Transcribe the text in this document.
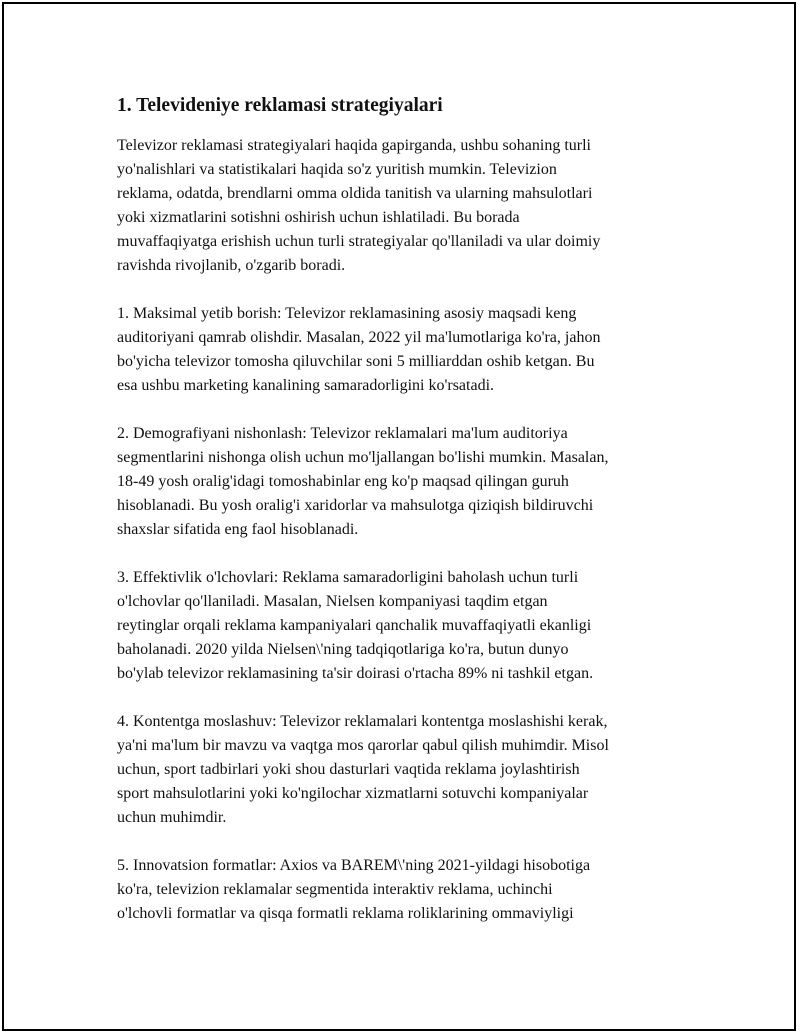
1. Televideniye reklamasi strategiyalari

Televizor reklamasi strategiyalari haqida gapirganda, ushbu sohaning turli
yo'nalishlari va statistikalari haqida so'z yuritish mumkin. Televizion
reklama, odatda, brendlarni omma oldida tanitish va ularning mahsulotlari
yoki xizmatlarini sotishni oshirish uchun ishlatiladi. Bu borada
muvaffaqiyatga erishish uchun turli strategiyalar qo'llaniladi va ular doimiy
ravishda rivojlanib, o'zgarib boradi.

1. Maksimal yetib borish: Televizor reklamasining asosiy maqsadi keng
auditoriyani qamrab olishdir. Masalan, 2022 yil ma'lumotlariga ko'ra, jahon
bo'yicha televizor tomosha qiluvchilar soni 5 milliarddan oshib ketgan. Bu
esa ushbu marketing kanalining samaradorligini ko'rsatadi.

2. Demografiyani nishonlash: Televizor reklamalari ma'lum auditoriya
segmentlarini nishonga olish uchun mo'ljallangan bo'lishi mumkin. Masalan,
18-49 yosh oralig'idagi tomoshabinlar eng ko'p maqsad qilingan guruh
hisoblanadi. Bu yosh oralig'i xaridorlar va mahsulotga qiziqish bildiruvchi
shaxslar sifatida eng faol hisoblanadi.

3. Effektivlik o'lchovlari: Reklama samaradorligini baholash uchun turli
o'lchovlar qo'llaniladi. Masalan, Nielsen kompaniyasi taqdim etgan
reytinglar orqali reklama kampaniyalari qanchalik muvaffaqiyatli ekanligi
baholanadi. 2020 yilda Nielsen\'ning tadqiqotlariga ko'ra, butun dunyo
bo'ylab televizor reklamasining ta'sir doirasi o'rtacha 89% ni tashkil etgan.

4. Kontentga moslashuv: Televizor reklamalari kontentga moslashishi kerak,
ya'ni ma'lum bir mavzu va vaqtga mos qarorlar qabul qilish muhimdir. Misol
uchun, sport tadbirlari yoki shou dasturlari vaqtida reklama joylashtirish
sport mahsulotlarini yoki ko'ngilochar xizmatlarni sotuvchi kompaniyalar
uchun muhimdir.

5. Innovatsion formatlar: Axios va BAREM\'ning 2021-yildagi hisobotiga
ko'ra, televizion reklamalar segmentida interaktiv reklama, uchinchi
o'lchovli formatlar va qisqa formatli reklama roliklarining ommaviyligi
